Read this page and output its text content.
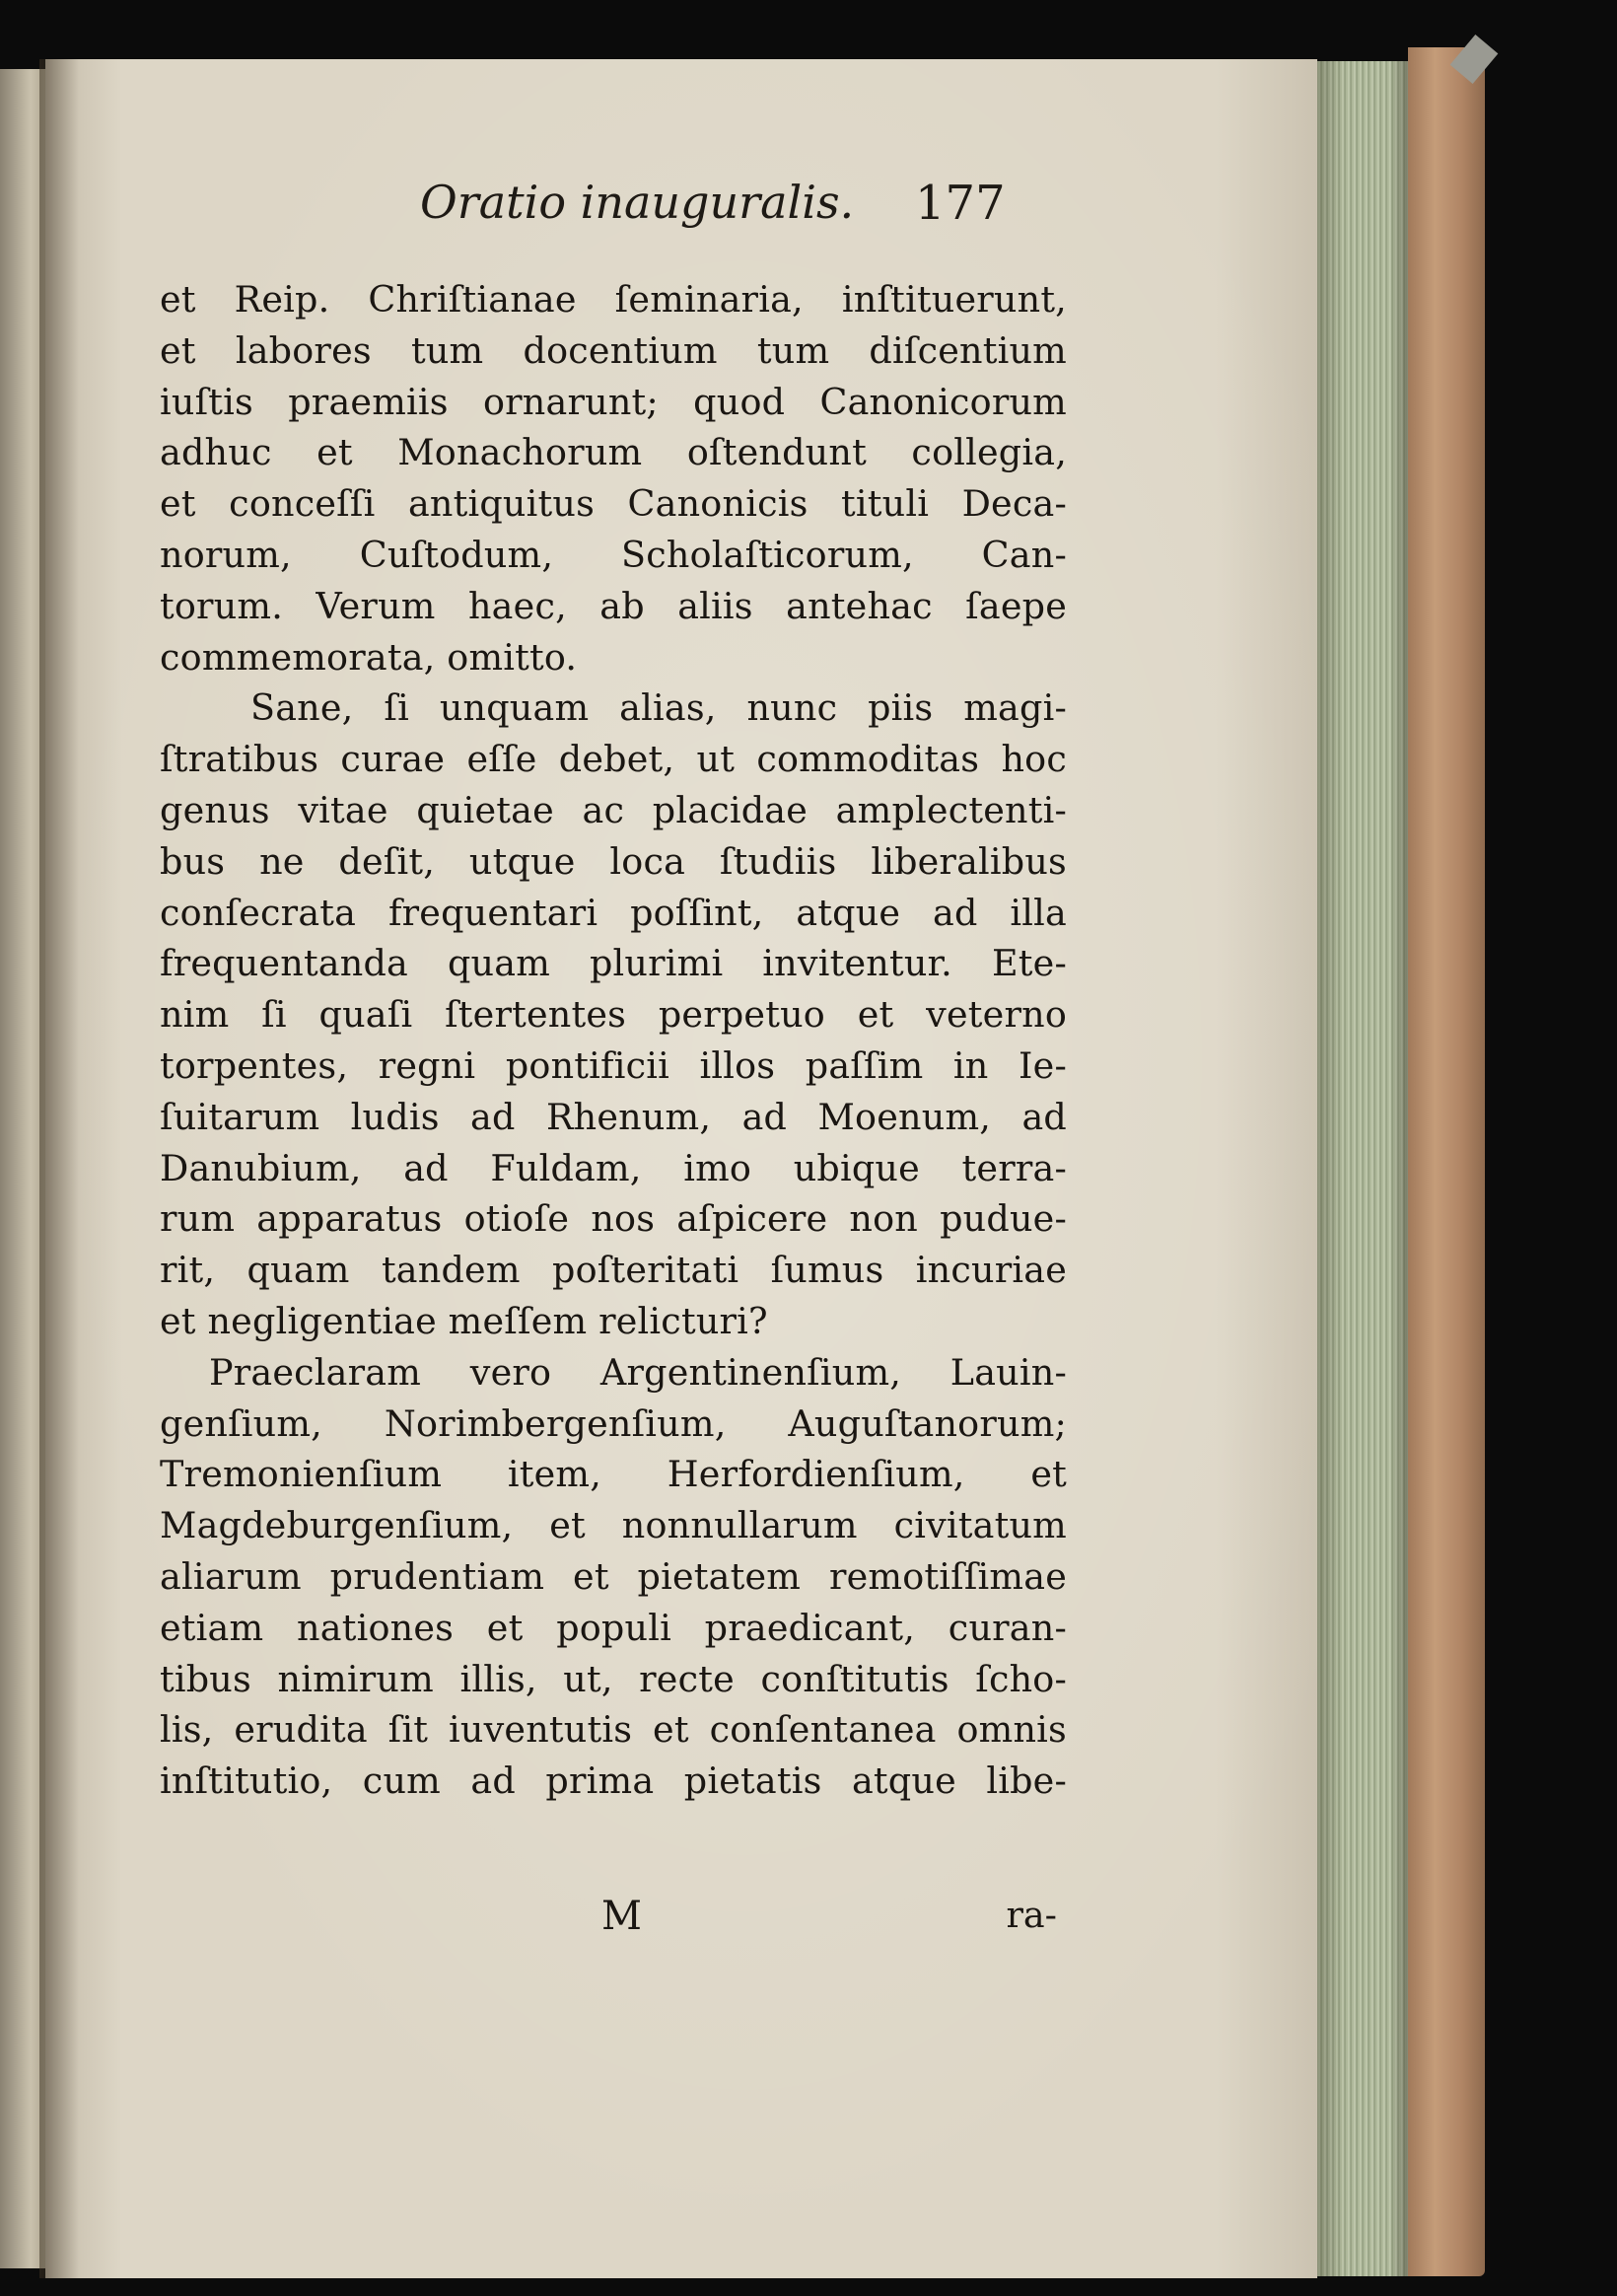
Oratio inauguralis. 177
et Reip. Chriſtianae ſeminaria, inſtituerunt,
et labores tum docentium tum diſcentium
iuſtis praemiis ornarunt; quod Canonicorum
adhuc et Monachorum oſtendunt collegia,
et conceſſi antiquitus Canonicis tituli Deca-
norum, Cuſtodum, Scholaſticorum, Can-
torum. Verum haec, ab aliis antehac ſaepe
commemorata, omitto.
Sane, ſi unquam alias, nunc piis magi-
ſtratibus curae eſſe debet, ut commoditas hoc
genus vitae quietae ac placidae amplectenti-
bus ne deſit, utque loca ſtudiis liberalibus
conſecrata frequentari poſſint, atque ad illa
frequentanda quam plurimi invitentur. Ete-
nim ſi quaſi ſtertentes perpetuo et veterno
torpentes, regni pontificii illos paſſim in Ie-
ſuitarum ludis ad Rhenum, ad Moenum, ad
Danubium, ad Fuldam, imo ubique terra-
rum apparatus otioſe nos aſpicere non pudue-
rit, quam tandem poſteritati ſumus incuriae
et negligentiae meſſem relicturi?
Praeclaram vero Argentinenſium, Lauin-
genſium, Norimbergenſium, Auguſtanorum;
Tremonienſium item, Herfordienſium, et
Magdeburgenſium, et nonnullarum civitatum
aliarum prudentiam et pietatem remotiſſimae
etiam nationes et populi praedicant, curan-
tibus nimirum illis, ut, recte conſtitutis ſcho-
lis, erudita ſit iuventutis et conſentanea omnis
inſtitutio, cum ad prima pietatis atque libe-
M	ra-
